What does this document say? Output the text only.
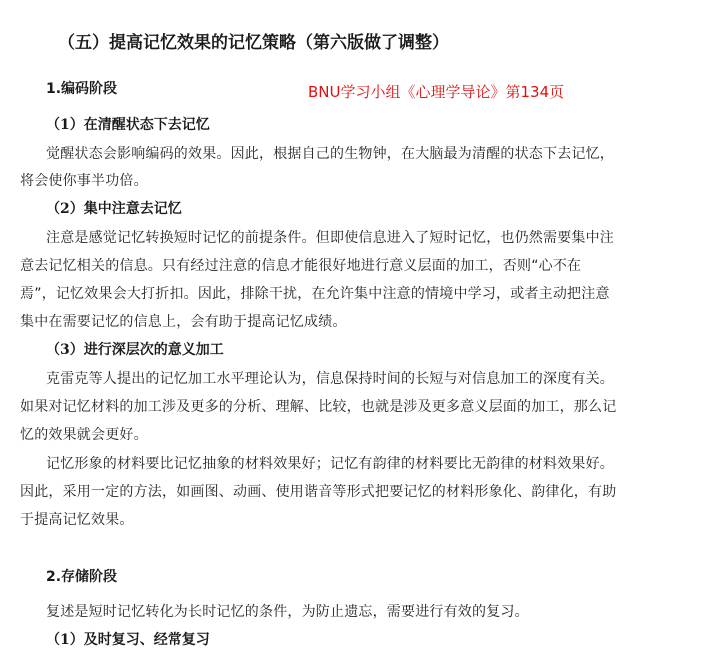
（五）提高记忆效果的记忆策略（第六版做了调整）
1.编码阶段	BNU学习小组《心理学导论》第134页
（1）在清醒状态下去记忆
觉醒状态会影响编码的效果。因此，根据自己的生物钟，在大脑最为清醒的状态下去记忆，
将会使你事半功倍。
（2）集中注意去记忆
注意是感觉记忆转换短时记忆的前提条件。但即使信息进入了短时记忆，也仍然需要集中注
意去记忆相关的信息。只有经过注意的信息才能很好地进行意义层面的加工，否则“心不在
焉”，记忆效果会大打折扣。因此，排除干扰，在允许集中注意的情境中学习，或者主动把注意
集中在需要记忆的信息上，会有助于提高记忆成绩。
（3）进行深层次的意义加工
克雷克等人提出的记忆加工水平理论认为，信息保持时间的长短与对信息加工的深度有关。
如果对记忆材料的加工涉及更多的分析、理解、比较，也就是涉及更多意义层面的加工，那么记
忆的效果就会更好。
记忆形象的材料要比记忆抽象的材料效果好；记忆有韵律的材料要比无韵律的材料效果好。
因此，采用一定的方法，如画图、动画、使用谐音等形式把要记忆的材料形象化、韵律化，有助
于提高记忆效果。
2.存储阶段
复述是短时记忆转化为长时记忆的条件，为防止遗忘，需要进行有效的复习。
（1）及时复习、经常复习
